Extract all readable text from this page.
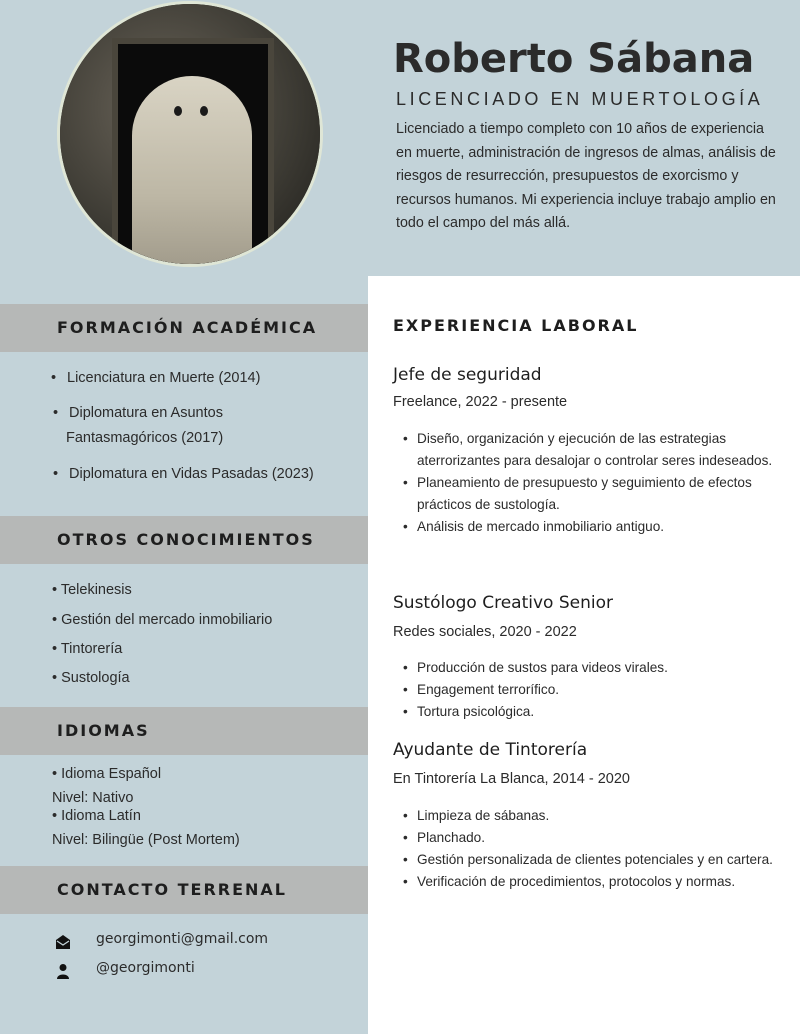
Roberto Sábana
LICENCIADO EN MUERTOLOGÍA

Licenciado a tiempo completo con 10 años de experiencia en muerte, administración de ingresos de almas, análisis de riesgos de resurrección, presupuestos de exorcismo y recursos humanos. Mi experiencia incluye trabajo amplio en todo el campo del más allá.

FORMACIÓN ACADÉMICA
• Licenciatura en Muerte (2014)
• Diplomatura en Asuntos
Fantasmagóricos (2017)
• Diplomatura en Vidas Pasadas (2023)
OTROS CONOCIMIENTOS
• Telekinesis
• Gestión del mercado inmobiliario
• Tintorería
• Sustología
IDIOMAS
• Idioma Español
Nivel: Nativo
• Idioma Latín
Nivel: Bilingüe (Post Mortem)
CONTACTO TERRENAL
georgimonti@gmail.com
@georgimonti
EXPERIENCIA LABORAL
Jefe de seguridad
Freelance, 2022 - presente
• Diseño, organización y ejecución de las estrategias aterrorizantes para desalojar o controlar seres indeseados.
• Planeamiento de presupuesto y seguimiento de efectos prácticos de sustología.
• Análisis de mercado inmobiliario antiguo.
Sustólogo Creativo Senior
Redes sociales, 2020 - 2022
• Producción de sustos para videos virales.
• Engagement terrorífico.
• Tortura psicológica.
Ayudante de Tintorería
En Tintorería La Blanca, 2014 - 2020
• Limpieza de sábanas.
• Planchado.
• Gestión personalizada de clientes potenciales y en cartera.
• Verificación de procedimientos, protocolos y normas.
